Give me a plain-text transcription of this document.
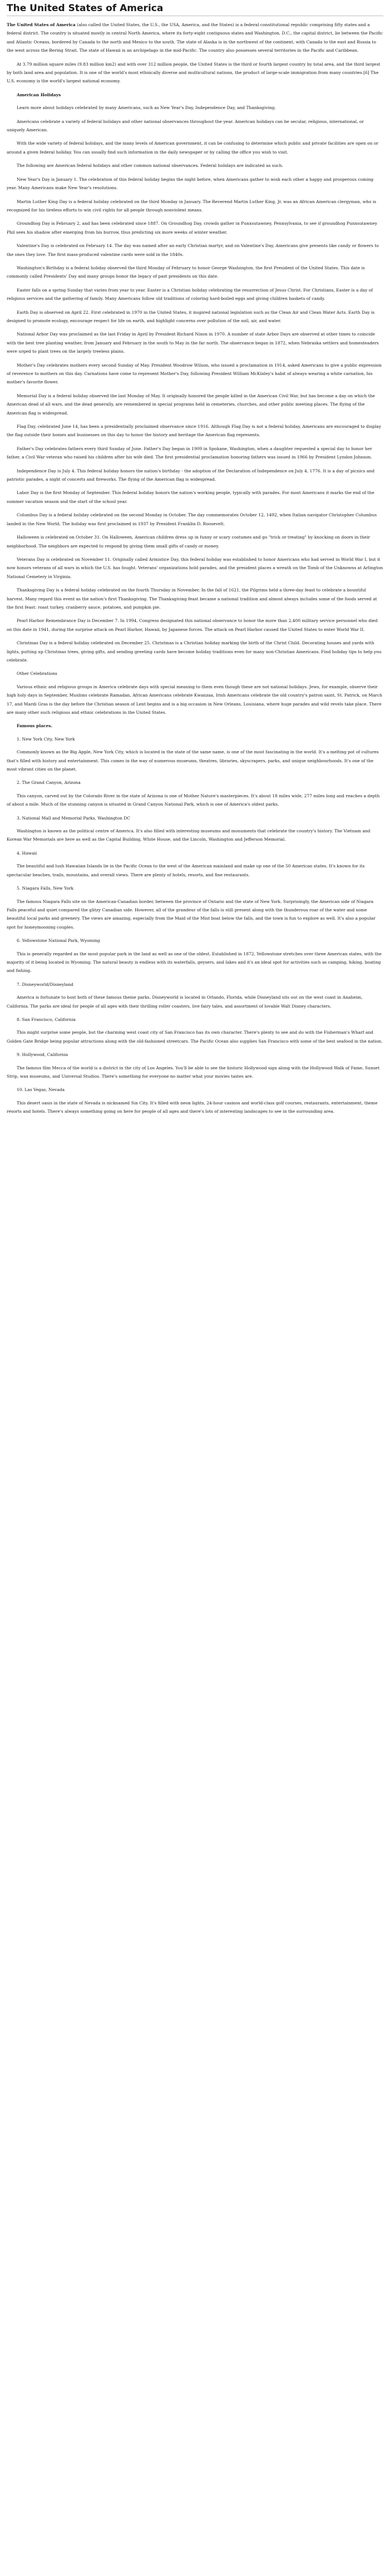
The United States of America

The United States of America (also called the United States, the U.S., the USA, America, and the States) is a federal constitutional republic comprising fifty states and a federal district. The country is situated mostly in central North America, where its forty-eight contiguous states and Washington, D.C., the capital district, lie between the Pacific and Atlantic Oceans, bordered by Canada to the north and Mexico to the south. The state of Alaska is in the northwest of the continent, with Canada to the east and Russia to the west across the Bering Strait. The state of Hawaii is an archipelago in the mid-Pacific. The country also possesses several territories in the Pacific and Caribbean.

At 3.79 million square miles (9.83 million km2) and with over 312 million people, the United States is the third or fourth largest country by total area, and the third largest by both land area and population. It is one of the world's most ethnically diverse and multicultural nations, the product of large-scale immigration from many countries.[6] The U.S. economy is the world's largest national economy.

American Holidays

Learn more about holidays celebrated by many Americans, such as New Year's Day, Independence Day, and Thanksgiving.

Americans celebrate a variety of federal holidays and other national observances throughout the year. American holidays can be secular, religious, international, or uniquely American.

With the wide variety of federal holidays, and the many levels of American government, it can be confusing to determine which public and private facilities are open on or around a given federal holiday. You can usually find such information in the daily newspaper or by calling the office you wish to visit.

The following are American federal holidays and other common national observances. Federal holidays are indicated as such.

New Year's Day is January 1. The celebration of this federal holiday begins the night before, when Americans gather to wish each other a happy and prosperous coming year. Many Americans make New Year's resolutions.

Martin Luther King Day is a federal holiday celebrated on the third Monday in January. The Reverend Martin Luther King, Jr. was an African American clergyman, who is recognized for his tireless efforts to win civil rights for all people through nonviolent means.

Groundhog Day is February 2, and has been celebrated since 1887. On Groundhog Day, crowds gather in Punxsutawney, Pennsylvania, to see if groundhog Punxsutawney Phil sees his shadow after emerging from his burrow, thus predicting six more weeks of winter weather.

Valentine's Day is celebrated on February 14. The day was named after an early Christian martyr, and on Valentine's Day, Americans give presents like candy or flowers to the ones they love. The first mass-produced valentine cards were sold in the 1840s.

Washington's Birthday is a federal holiday observed the third Monday of February to honor George Washington, the first President of the United States. This date is commonly called Presidents' Day and many groups honor the legacy of past presidents on this date.

Easter falls on a spring Sunday that varies from year to year. Easter is a Christian holiday celebrating the resurrection of Jesus Christ. For Christians, Easter is a day of religious services and the gathering of family. Many Americans follow old traditions of coloring hard-boiled eggs and giving children baskets of candy.

Earth Day is observed on April 22. First celebrated in 1970 in the United States, it inspired national legislation such as the Clean Air and Clean Water Acts. Earth Day is designed to promote ecology, encourage respect for life on earth, and highlight concerns over pollution of the soil, air, and water.

National Arbor Day was proclaimed as the last Friday in April by President Richard Nixon in 1970. A number of state Arbor Days are observed at other times to coincide with the best tree planting weather, from January and February in the south to May in the far north. The observance began in 1872, when Nebraska settlers and homesteaders were urged to plant trees on the largely treeless plains.

Mother's Day celebrates mothers every second Sunday of May. President Woodrow Wilson, who issued a proclamation in 1914, asked Americans to give a public expression of reverence to mothers on this day. Carnations have come to represent Mother's Day, following President William McKinley's habit of always wearing a white carnation, his mother's favorite flower.

Memorial Day is a federal holiday observed the last Monday of May. It originally honored the people killed in the American Civil War, but has become a day on which the American dead of all wars, and the dead generally, are remembered in special programs held in cemeteries, churches, and other public meeting places. The flying of the American flag is widespread.

Flag Day, celebrated June 14, has been a presidentially proclaimed observance since 1916. Although Flag Day is not a federal holiday, Americans are encouraged to display the flag outside their homes and businesses on this day to honor the history and heritage the American flag represents.

Father's Day celebrates fathers every third Sunday of June. Father's Day began in 1909 in Spokane, Washington, when a daughter requested a special day to honor her father, a Civil War veteran who raised his children after his wife died. The first presidential proclamation honoring fathers was issued in 1966 by President Lyndon Johnson.

Independence Day is July 4. This federal holiday honors the nation's birthday - the adoption of the Declaration of Independence on July 4, 1776. It is a day of picnics and patriotic parades, a night of concerts and fireworks. The flying of the American flag is widespread.

Labor Day is the first Monday of September. This federal holiday honors the nation's working people, typically with parades. For most Americans it marks the end of the summer vacation season and the start of the school year.

Columbus Day is a federal holiday celebrated on the second Monday in October. The day commemorates October 12, 1492, when Italian navigator Christopher Columbus landed in the New World. The holiday was first proclaimed in 1937 by President Franklin D. Roosevelt.

Halloween is celebrated on October 31. On Halloween, American children dress up in funny or scary costumes and go "trick or treating" by knocking on doors in their neighborhood. The neighbors are expected to respond by giving them small gifts of candy or money.

Veterans Day is celebrated on November 11. Originally called Armistice Day, this federal holiday was established to honor Americans who had served in World War I, but it now honors veterans of all wars in which the U.S. has fought. Veterans' organizations hold parades, and the president places a wreath on the Tomb of the Unknowns at Arlington National Cemetery in Virginia.

Thanksgiving Day is a federal holiday celebrated on the fourth Thursday in November. In the fall of 1621, the Pilgrims held a three-day feast to celebrate a bountiful harvest. Many regard this event as the nation's first Thanksgiving. The Thanksgiving feast became a national tradition and almost always includes some of the foods served at the first feast: roast turkey, cranberry sauce, potatoes, and pumpkin pie.

Pearl Harbor Remembrance Day is December 7. In 1994, Congress designated this national observance to honor the more than 2,400 military service personnel who died on this date in 1941, during the surprise attack on Pearl Harbor, Hawaii, by Japanese forces. The attack on Pearl Harbor caused the United States to enter World War II.

Christmas Day is a federal holiday celebrated on December 25. Christmas is a Christian holiday marking the birth of the Christ Child. Decorating houses and yards with lights, putting up Christmas trees, giving gifts, and sending greeting cards have become holiday traditions even for many non-Christian Americans. Find holiday tips to help you celebrate.

Other Celebrations

Various ethnic and religious groups in America celebrate days with special meaning to them even though these are not national holidays. Jews, for example, observe their high holy days in September, Muslims celebrate Ramadan, African Americans celebrate Kwanzaa, Irish Americans celebrate the old country's patron saint, St. Patrick, on March 17, and Mardi Gras is the day before the Christian season of Lent begins and is a big occasion in New Orleans, Louisiana, where huge parades and wild revels take place. There are many other such religious and ethnic celebrations in the United States.

Famous places.

1. New York City, New York

Commonly known as the Big Apple, New York City, which is located in the state of the same name, is one of the most fascinating in the world. It's a melting pot of cultures that's filled with history and entertainment. This comes in the way of numerous museums, theatres, libraries, skyscrapers, parks, and unique neighbourhoods. It's one of the most vibrant cities on the planet.

2. The Grand Canyon, Arizona

This canyon, carved out by the Colorado River in the state of Arizona is one of Mother Nature's masterpieces. It's about 18 miles wide, 277 miles long and reaches a depth of about a mile. Much of the stunning canyon is situated in Grand Canyon National Park, which is one of America's oldest parks.

3. National Mall and Memorial Parks, Washington DC

Washington is known as the political centre of America. It's also filled with interesting museums and monuments that celebrate the country's history. The Vietnam and Korean War Memorials are here as well as the Capital Building, White House, and the Lincoln, Washington and Jefferson Memorial.

4. Hawaii

The beautiful and lush Hawaiian Islands lie in the Pacific Ocean to the west of the American mainland and make up one of the 50 American states. It's known for its spectacular beaches, trails, mountains, and overall views. There are plenty of hotels, resorts, and fine restaurants.

5. Niagara Falls, New York

The famous Niagara Falls site on the American-Canadian border, between the province of Ontario and the state of New York. Surprisingly, the American side of Niagara Falls peaceful and quiet compared the glitzy Canadian side. However, all of the grandeur of the falls is still present along with the thunderous roar of the water and some beautiful local parks and greenery. The views are amazing, especially from the Maid of the Mist boat below the falls, and the town is fun to explore as well. It's also a popular spot for honeymooning couples.

6. Yellowstone National Park, Wyoming

This is generally regarded as the most popular park in the land as well as one of the oldest. Established in 1872, Yellowstone stretches over three American states, with the majority of it being located in Wyoming. The natural beauty is endless with its waterfalls, geysers, and lakes and it's an ideal spot for activities such as camping, hiking, boating and fishing.

7. Disneyworld/Disneyland

America is fortunate to host both of these famous theme parks. Disneyworld is located in Orlando, Florida, while Disneyland sits out on the west coast in Anaheim, California. The parks are ideal for people of all ages with their thrilling roller coasters, live fairy tales, and assortment of lovable Walt Disney characters.

8. San Francisco, California

This might surprise some people, but the charming west coast city of San Francisco has its own character. There's plenty to see and do with the Fisherman's Wharf and Golden Gate Bridge being popular attractions along with the old-fashioned streetcars. The Pacific Ocean also supplies San Francisco with some of the best seafood in the nation.

9. Hollywood, California

The famous film Mecca of the world is a district in the city of Los Angeles. You'll be able to see the historic Hollywood sign along with the Hollywood Walk of Fame, Sunset Strip, wax museums, and Universal Studios. There's something for everyone no matter what your movies tastes are.

10. Las Vegas, Nevada

This desert oasis in the state of Nevada is nicknamed Sin City. It's filled with neon lights, 24-hour casinos and world-class golf courses, restaurants, entertainment, theme resorts and hotels. There's always something going on here for people of all ages and there's lots of interesting landscapes to see in the surrounding area.
